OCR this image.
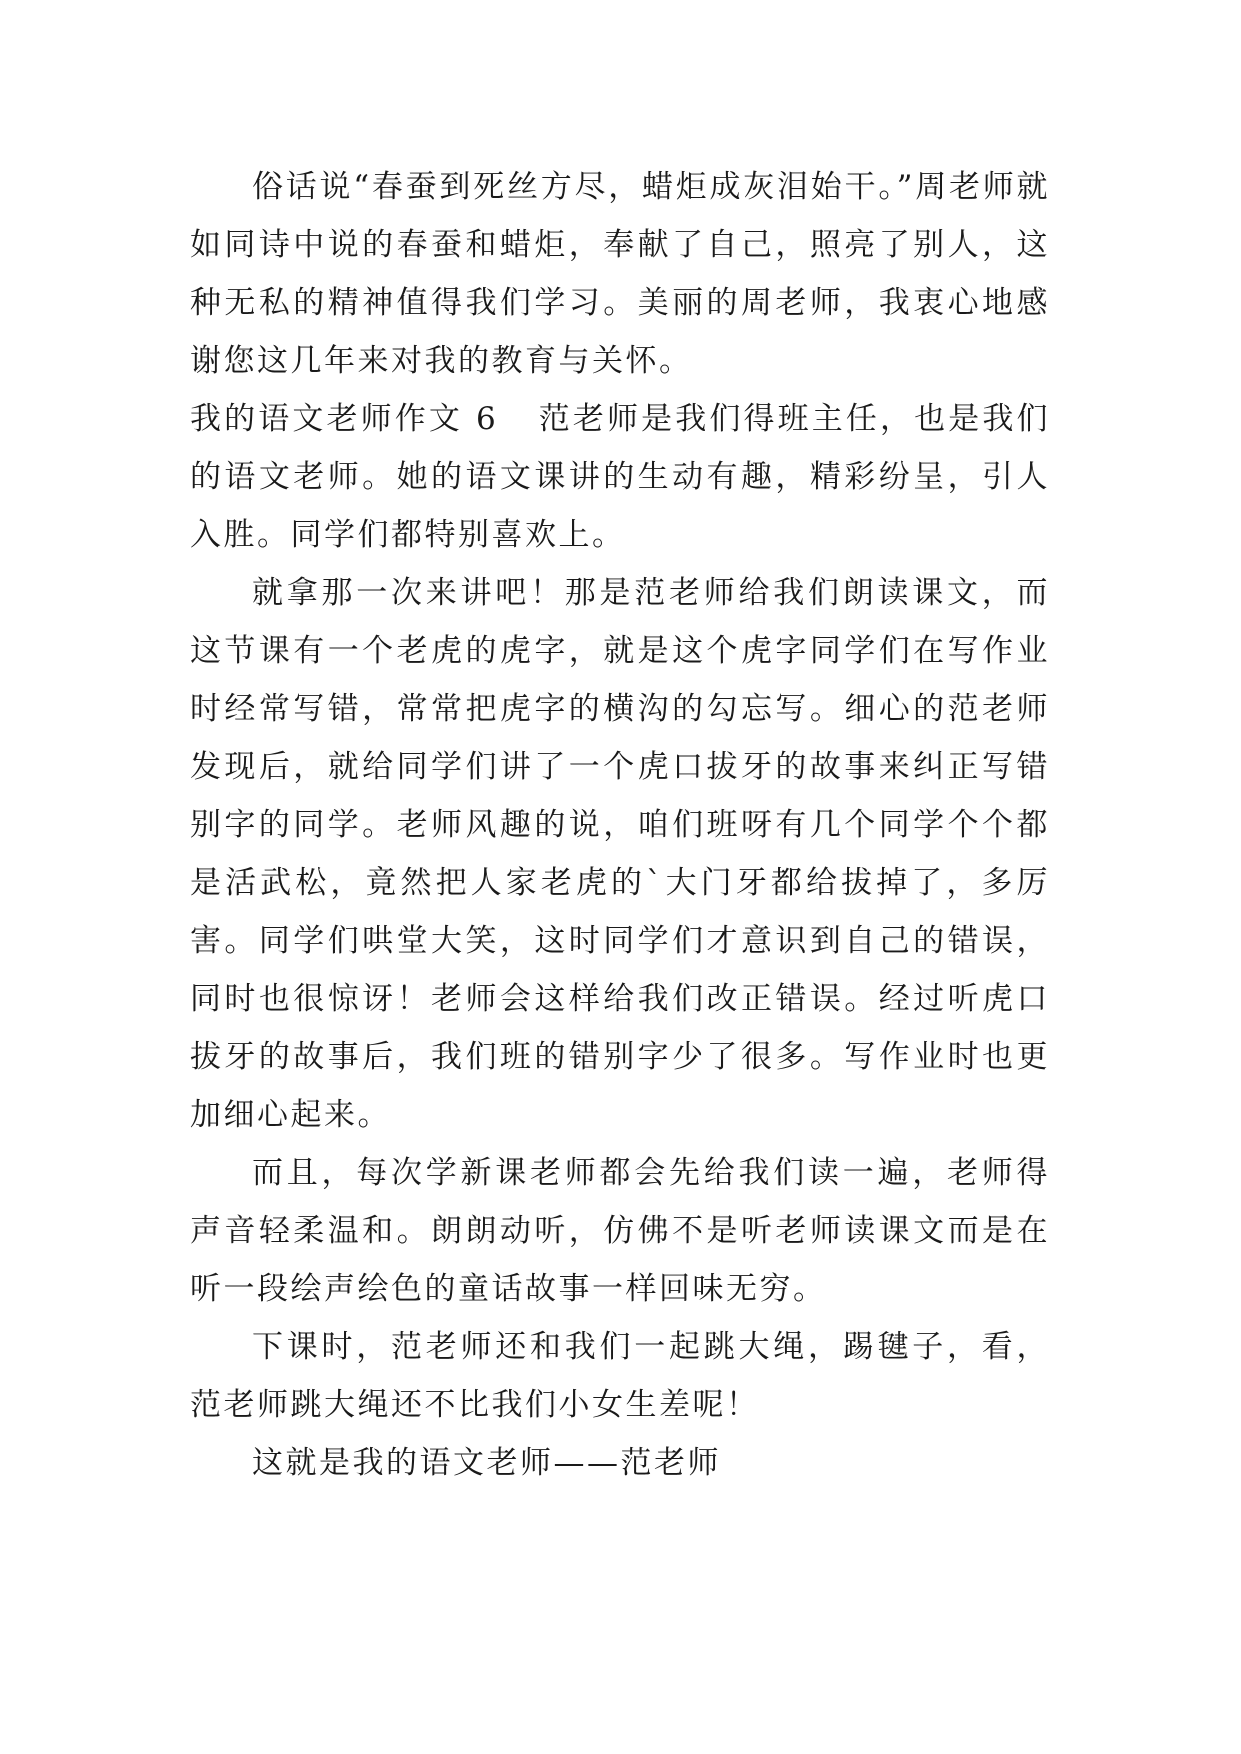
俗话说“春蚕到死丝方尽，蜡炬成灰泪始干。”周老师就如同诗中说的春蚕和蜡炬，奉献了自己，照亮了别人，这种无私的精神值得我们学习。美丽的周老师，我衷心地感谢您这几年来对我的教育与关怀。

我的语文老师作文 6 范老师是我们得班主任，也是我们的语文老师。她的语文课讲的生动有趣，精彩纷呈，引人入胜。同学们都特别喜欢上。

就拿那一次来讲吧！那是范老师给我们朗读课文，而这节课有一个老虎的虎字，就是这个虎字同学们在写作业时经常写错，常常把虎字的横沟的勾忘写。细心的范老师发现后，就给同学们讲了一个虎口拔牙的故事来纠正写错别字的同学。老师风趣的说，咱们班呀有几个同学个个都是活武松，竟然把人家老虎的`大门牙都给拔掉了，多厉害。同学们哄堂大笑，这时同学们才意识到自己的错误，同时也很惊讶！老师会这样给我们改正错误。经过听虎口拔牙的故事后，我们班的错别字少了很多。写作业时也更加细心起来。

而且，每次学新课老师都会先给我们读一遍，老师得声音轻柔温和。朗朗动听，仿佛不是听老师读课文而是在听一段绘声绘色的童话故事一样回味无穷。

下课时，范老师还和我们一起跳大绳，踢毽子，看，范老师跳大绳还不比我们小女生差呢！

这就是我的语文老师——范老师
